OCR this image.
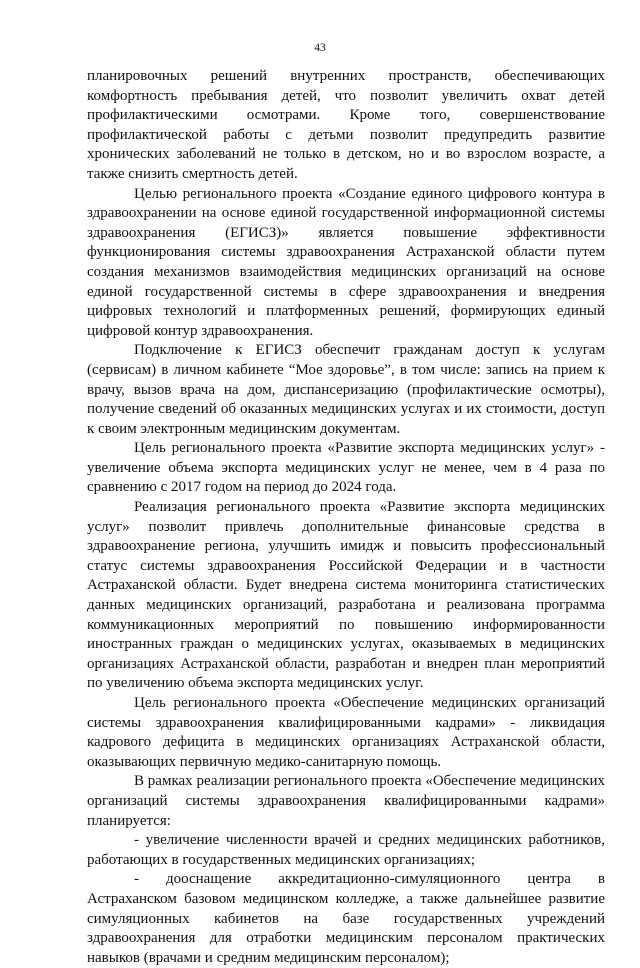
43

планировочных решений внутренних пространств, обеспечивающих комфортность пребывания детей, что позволит увеличить охват детей профилактическими осмотрами. Кроме того, совершенствование профилактической работы с детьми позволит предупредить развитие хронических заболеваний не только в детском, но и во взрослом возрасте, а также снизить смертность детей.

Целью регионального проекта «Создание единого цифрового контура в здравоохранении на основе единой государственной информационной системы здравоохранения (ЕГИСЗ)» является повышение эффективности функционирования системы здравоохранения Астраханской области путем создания механизмов взаимодействия медицинских организаций на основе единой государственной системы в сфере здравоохранения и внедрения цифровых технологий и платформенных решений, формирующих единый цифровой контур здравоохранения.

Подключение к ЕГИСЗ обеспечит гражданам доступ к услугам (сервисам) в личном кабинете “Мое здоровье”, в том числе: запись на прием к врачу, вызов врача на дом, диспансеризацию (профилактические осмотры), получение сведений об оказанных медицинских услугах и их стоимости, доступ к своим электронным медицинским документам.

Цель регионального проекта «Развитие экспорта медицинских услуг» - увеличение объема экспорта медицинских услуг не менее, чем в 4 раза по сравнению с 2017 годом на период до 2024 года.

Реализация регионального проекта «Развитие экспорта медицинских услуг» позволит привлечь дополнительные финансовые средства в здравоохранение региона, улучшить имидж и повысить профессиональный статус системы здравоохранения Российской Федерации и в частности Астраханской области. Будет внедрена система мониторинга статистических данных медицинских организаций, разработана и реализована программа коммуникационных мероприятий по повышению информированности иностранных граждан о медицинских услугах, оказываемых в медицинских организациях Астраханской области, разработан и внедрен план мероприятий по увеличению объема экспорта медицинских услуг.

Цель регионального проекта «Обеспечение медицинских организаций системы здравоохранения квалифицированными кадрами» - ликвидация кадрового дефицита в медицинских организациях Астраханской области, оказывающих первичную медико-санитарную помощь.

В рамках реализации регионального проекта «Обеспечение медицинских организаций системы здравоохранения квалифицированными кадрами» планируется:

- увеличение численности врачей и средних медицинских работников, работающих в государственных медицинских организациях;

- дооснащение аккредитационно-симуляционного центра в Астраханском базовом медицинском колледже, а также дальнейшее развитие симуляционных кабинетов на базе государственных учреждений здравоохранения для отработки медицинским персоналом практических навыков (врачами и средним медицинским персоналом);
